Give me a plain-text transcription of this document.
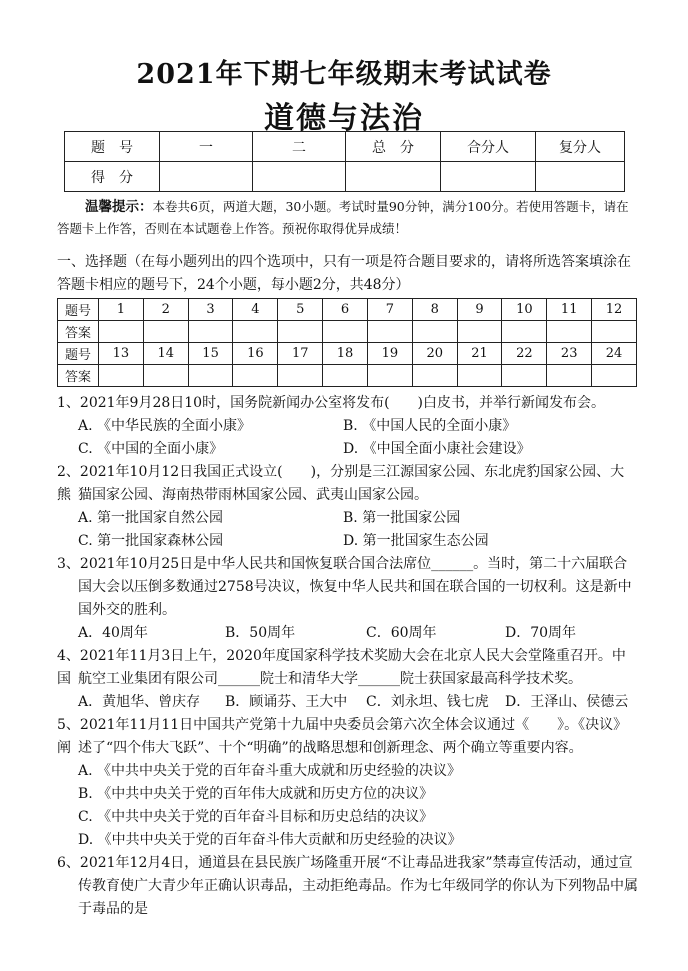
2021年下期七年级期末考试试卷
道德与法治
题　号	一	二	总　分	合分人	复分人
得　分					
温馨提示：本卷共6页，两道大题，30小题。考试时量90分钟，满分100分。若使用答题卡，请在答题卡上作答，否则在本试题卷上作答。预祝你取得优异成绩！
一、选择题（在每小题列出的四个选项中，只有一项是符合题目要求的，请将所选答案填涂在答题卡相应的题号下，24个小题，每小题2分，共48分）
题号	1	2	3	4	5	6	7	8	9	10	11	12
答案												
题号	13	14	15	16	17	18	19	20	21	22	23	24
答案												
1、2021年9月28日10时，国务院新闻办公室将发布(　　)白皮书，并举行新闻发布会。
A. 《中华民族的全面小康》	B. 《中国人民的全面小康》
C. 《中国的全面小康》	D. 《中国全面小康社会建设》
2、2021年10月12日我国正式设立(　　)，分别是三江源国家公园、东北虎豹国家公园、大熊 猫国家公园、海南热带雨林国家公园、武夷山国家公园。
A. 第一批国家自然公园	B. 第一批国家公园
C. 第一批国家森林公园	D. 第一批国家生态公园
3、2021年10月25日是中华人民共和国恢复联合国合法席位______。当时，第二十六届联合
国大会以压倒多数通过2758号决议，恢复中华人民共和国在联合国的一切权利。这是新中
国外交的胜利。
A．40周年	B．50周年	C．60周年	D．70周年
4、2021年11月3日上午，2020年度国家科学技术奖励大会在北京人民大会堂隆重召开。中国 航空工业集团有限公司______院士和清华大学______院士获国家最高科学技术奖。
A．黄旭华、曾庆存 B．顾诵芬、王大中 C．刘永坦、钱七虎 D．王泽山、侯德云
5、2021年11月11日中国共产党第十九届中央委员会第六次全体会议通过《　　》。《决议》阐 述了“四个伟大飞跃”、十个“明确”的战略思想和创新理念、两个确立等重要内容。
A. 《中共中央关于党的百年奋斗重大成就和历史经验的决议》
B. 《中共中央关于党的百年伟大成就和历史方位的决议》
C. 《中共中央关于党的百年奋斗目标和历史总结的决议》
D. 《中共中央关于党的百年奋斗伟大贡献和历史经验的决议》
6、2021年12月4日，通道县在县民族广场隆重开展“不让毒品进我家”禁毒宣传活动，通过宣
传教育使广大青少年正确认识毒品，主动拒绝毒品。作为七年级同学的你认为下列物品中属
于毒品的是
